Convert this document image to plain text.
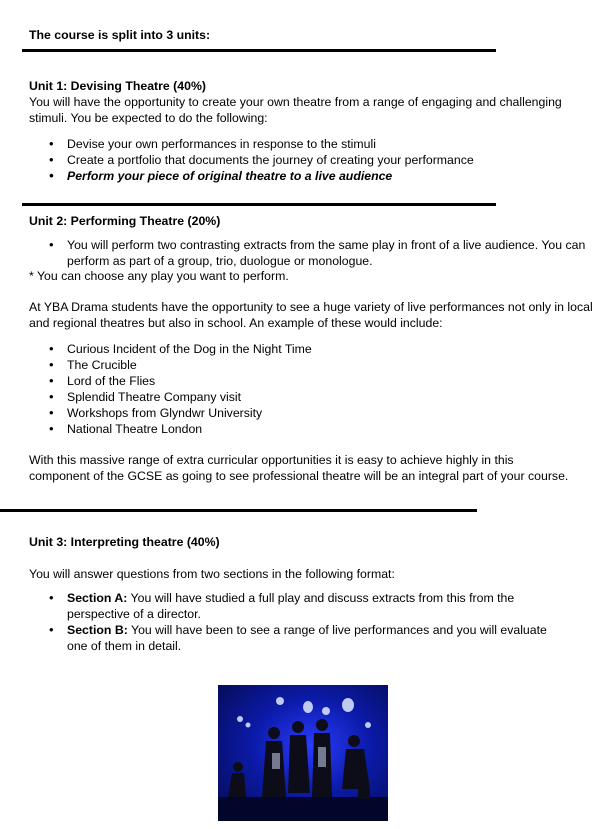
The course is split into 3 units:
Unit 1: Devising Theatre (40%)
You will have the opportunity to create your own theatre from a range of engaging and challenging stimuli. You be expected to do the following:
• Devise your own performances in response to the stimuli
• Create a portfolio that documents the journey of creating your performance
• Perform your piece of original theatre to a live audience
Unit 2: Performing Theatre (20%)
• You will perform two contrasting extracts from the same play in front of a live audience. You can perform as part of a group, trio, duologue or monologue.
* You can choose any play you want to perform.
At YBA Drama students have the opportunity to see a huge variety of live performances not only in local and regional theatres but also in school. An example of these would include:
• Curious Incident of the Dog in the Night Time
• The Crucible
• Lord of the Flies
• Splendid Theatre Company visit
• Workshops from Glyndwr University
• National Theatre London
With this massive range of extra curricular opportunities it is easy to achieve highly in this component of the GCSE as going to see professional theatre will be an integral part of your course.
Unit 3: Interpreting theatre (40%)
You will answer questions from two sections in the following format:
• Section A: You will have studied a full play and discuss extracts from this from the perspective of a director.
• Section B: You will have been to see a range of live performances and you will evaluate one of them in detail.
